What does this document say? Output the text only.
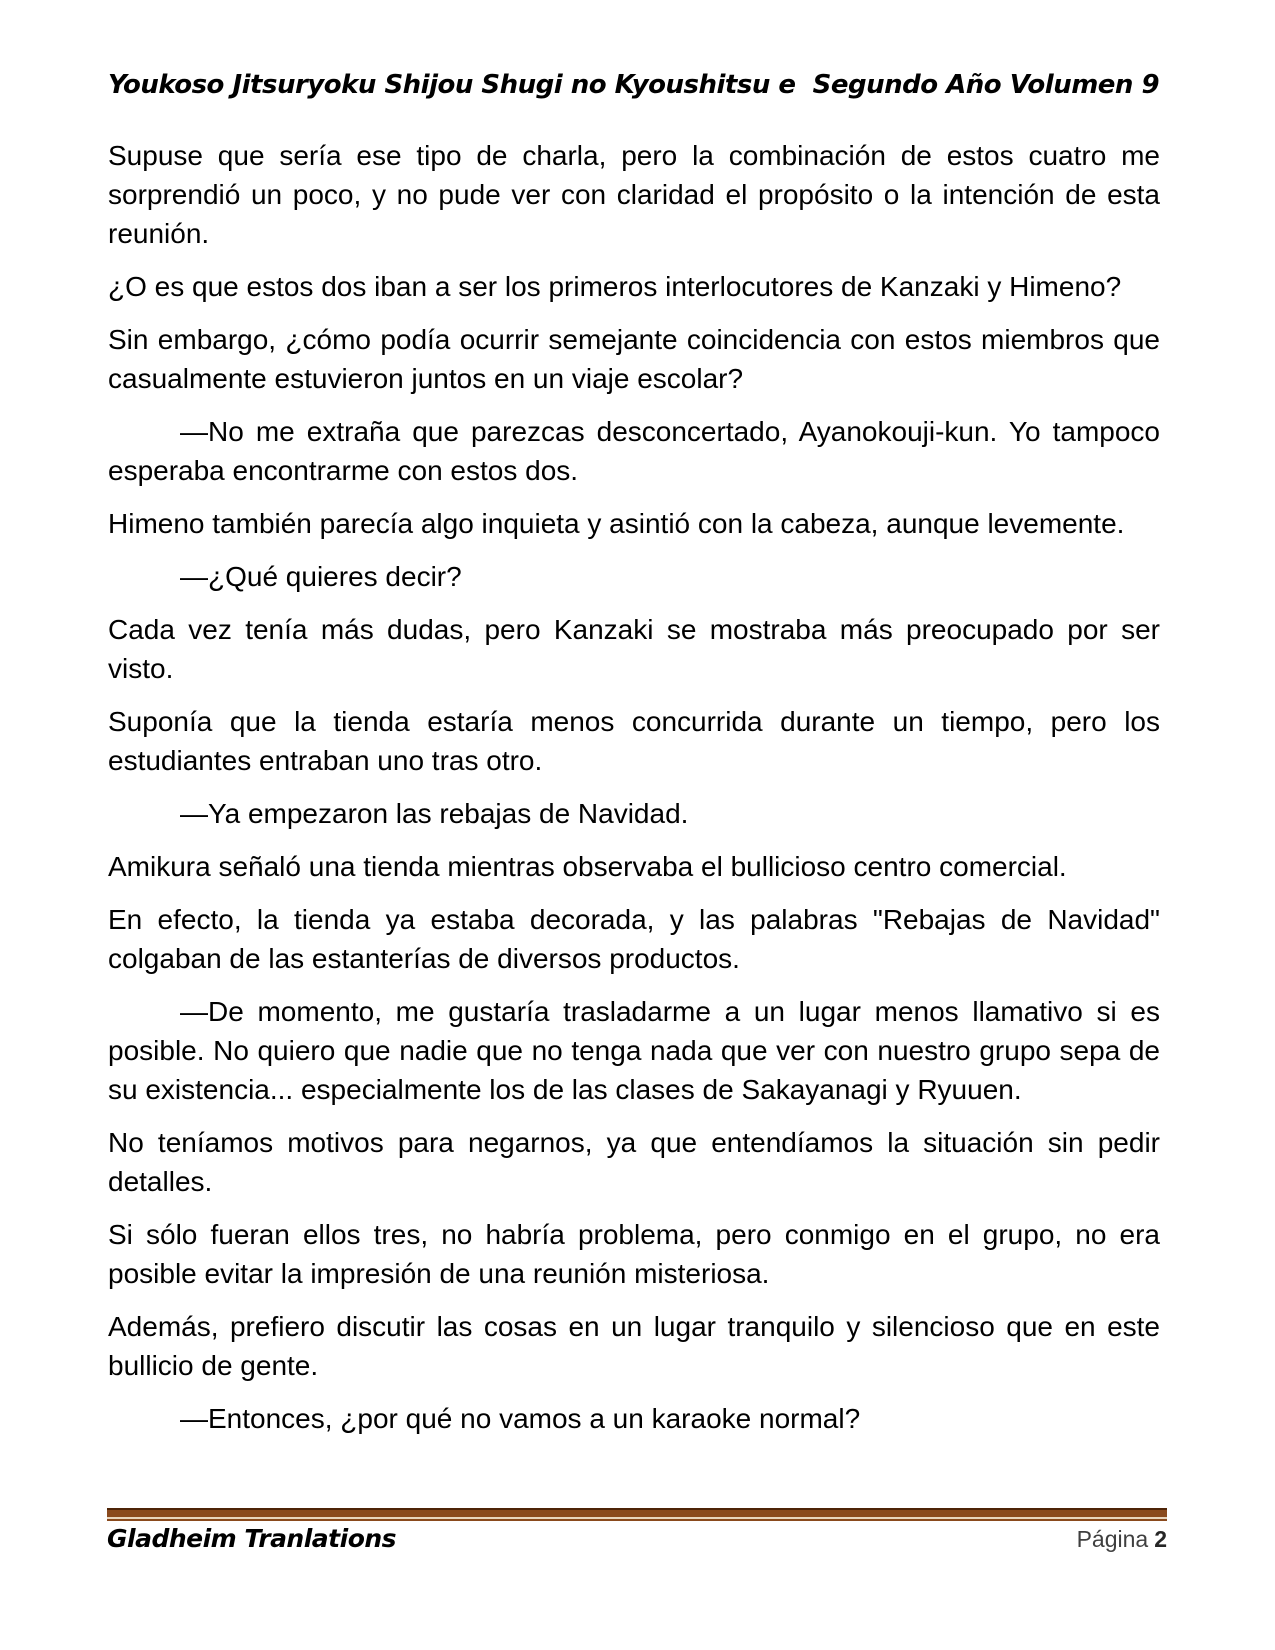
Youkoso Jitsuryoku Shijou Shugi no Kyoushitsu e  Segundo Año Volumen 9

Supuse que sería ese tipo de charla, pero la combinación de estos cuatro me sorprendió un poco, y no pude ver con claridad el propósito o la intención de esta reunión.

¿O es que estos dos iban a ser los primeros interlocutores de Kanzaki y Himeno?

Sin embargo, ¿cómo podía ocurrir semejante coincidencia con estos miembros que casualmente estuvieron juntos en un viaje escolar?

—No me extraña que parezcas desconcertado, Ayanokouji-kun. Yo tampoco esperaba encontrarme con estos dos.

Himeno también parecía algo inquieta y asintió con la cabeza, aunque levemente.

—¿Qué quieres decir?

Cada vez tenía más dudas, pero Kanzaki se mostraba más preocupado por ser visto.

Suponía que la tienda estaría menos concurrida durante un tiempo, pero los estudiantes entraban uno tras otro.

—Ya empezaron las rebajas de Navidad.

Amikura señaló una tienda mientras observaba el bullicioso centro comercial.

En efecto, la tienda ya estaba decorada, y las palabras "Rebajas de Navidad" colgaban de las estanterías de diversos productos.

—De momento, me gustaría trasladarme a un lugar menos llamativo si es posible. No quiero que nadie que no tenga nada que ver con nuestro grupo sepa de su existencia... especialmente los de las clases de Sakayanagi y Ryuuen.

No teníamos motivos para negarnos, ya que entendíamos la situación sin pedir detalles.

Si sólo fueran ellos tres, no habría problema, pero conmigo en el grupo, no era posible evitar la impresión de una reunión misteriosa.

Además, prefiero discutir las cosas en un lugar tranquilo y silencioso que en este bullicio de gente.

—Entonces, ¿por qué no vamos a un karaoke normal?

Gladheim Tranlations	Página 2
